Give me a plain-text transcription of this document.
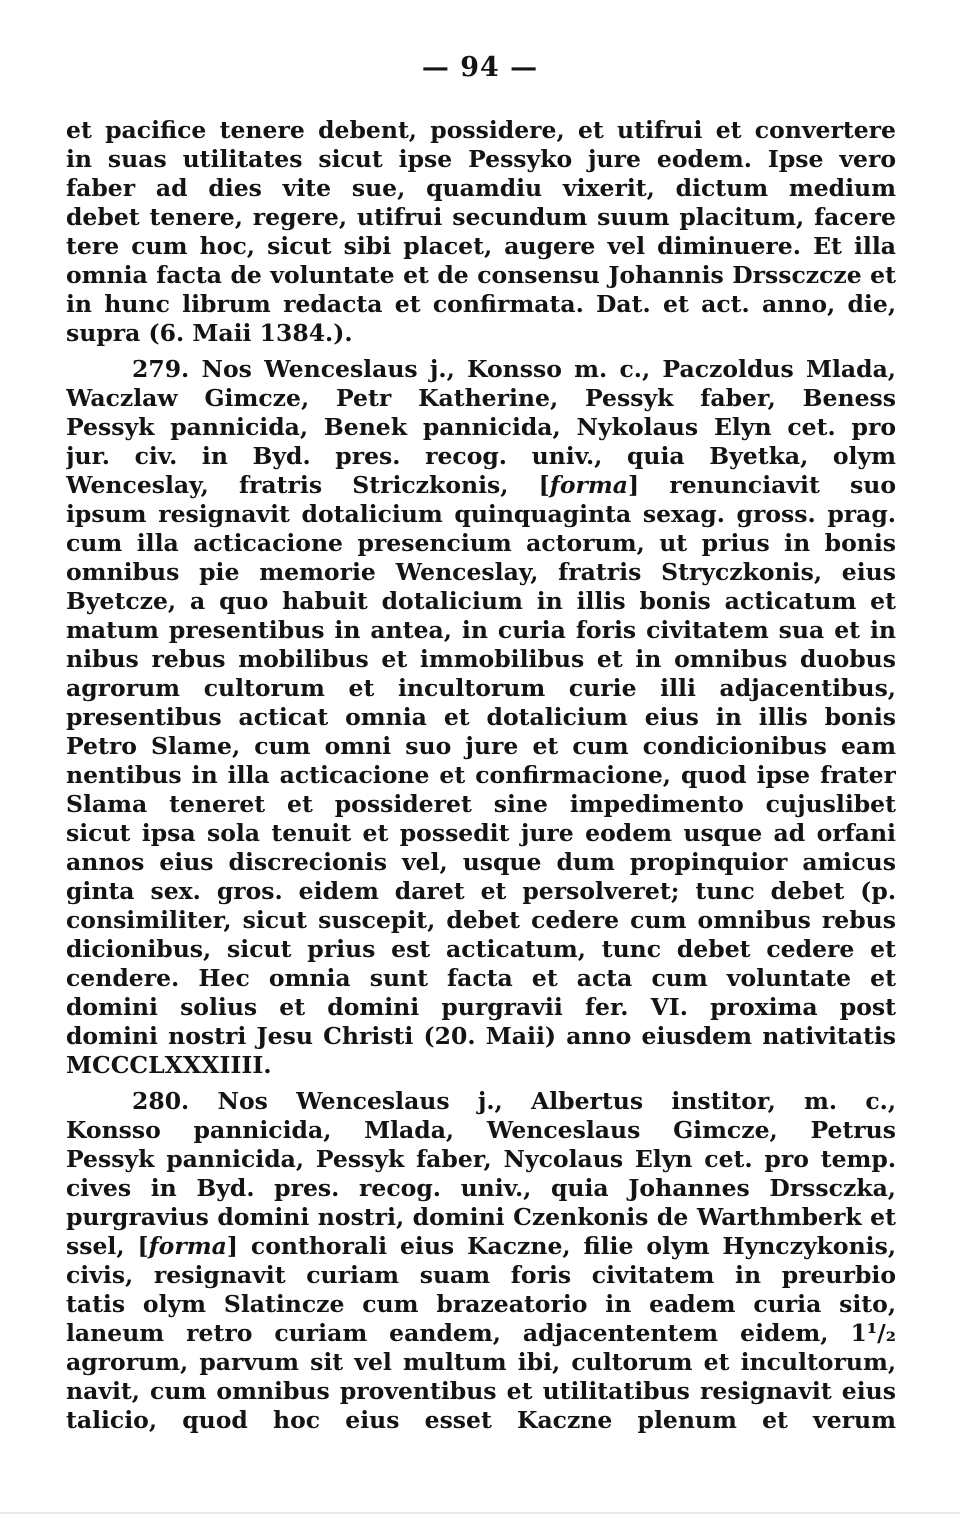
— 94 —
et pacifice tenere debent, possidere, et utifrui et convertere
in suas utilitates sicut ipse Pessyko jure eodem. Ipse vero
faber ad dies vite sue, quamdiu vixerit, dictum medium
debet tenere, regere, utifrui secundum suum placitum, facere
tere cum hoc, sicut sibi placet, augere vel diminuere. Et illa
omnia facta de voluntate et de consensu Johannis Drssczcze et
in hunc librum redacta et confirmata. Dat. et act. anno, die,
supra (6. Maii 1384.).
279. Nos Wenceslaus j., Konsso m. c., Paczoldus Mlada,
Waczlaw Gimcze, Petr Katherine, Pessyk faber, Beness
Pessyk pannicida, Benek pannicida, Nykolaus Elyn cet. pro
jur. civ. in Byd. pres. recog. univ., quia Byetka, olym
Wenceslay, fratris Striczkonis, [forma] renunciavit suo
ipsum resignavit dotalicium quinquaginta sexag. gross. prag.
cum illa acticacione presencium actorum, ut prius in bonis
omnibus pie memorie Wenceslay, fratris Stryczkonis, eius
Byetcze, a quo habuit dotalicium in illis bonis acticatum et
matum presentibus in antea, in curia foris civitatem sua et in
nibus rebus mobilibus et immobilibus et in omnibus duobus
agrorum cultorum et incultorum curie illi adjacentibus,
presentibus acticat omnia et dotalicium eius in illis bonis
Petro Slame, cum omni suo jure et cum condicionibus eam
nentibus in illa acticacione et confirmacione, quod ipse frater
Slama teneret et possideret sine impedimento cujuslibet
sicut ipsa sola tenuit et possedit jure eodem usque ad orfani
annos eius discrecionis vel, usque dum propinquior amicus
ginta sex. gros. eidem daret et persolveret; tunc debet (p.
consimiliter, sicut suscepit, debet cedere cum omnibus rebus
dicionibus, sicut prius est acticatum, tunc debet cedere et
cendere. Hec omnia sunt facta et acta cum voluntate et
domini solius et domini purgravii fer. VI. proxima post
domini nostri Jesu Christi (20. Maii) anno eiusdem nativitatis
MCCCLXXXIIII.
280. Nos Wenceslaus j., Albertus institor, m. c.,
Konsso pannicida, Mlada, Wenceslaus Gimcze, Petrus
Pessyk pannicida, Pessyk faber, Nycolaus Elyn cet. pro temp.
cives in Byd. pres. recog. univ., quia Johannes Drssczka,
purgravius domini nostri, domini Czenkonis de Warthmberk et
ssel, [forma] conthorali eius Kaczne, filie olym Hynczykonis,
civis, resignavit curiam suam foris civitatem in preurbio
tatis olym Slatincze cum brazeatorio in eadem curia sito,
laneum retro curiam eandem, adjacententem eidem, 1¹/₂
agrorum, parvum sit vel multum ibi, cultorum et incultorum,
navit, cum omnibus proventibus et utilitatibus resignavit eius
talicio, quod hoc eius esset Kaczne plenum et verum
